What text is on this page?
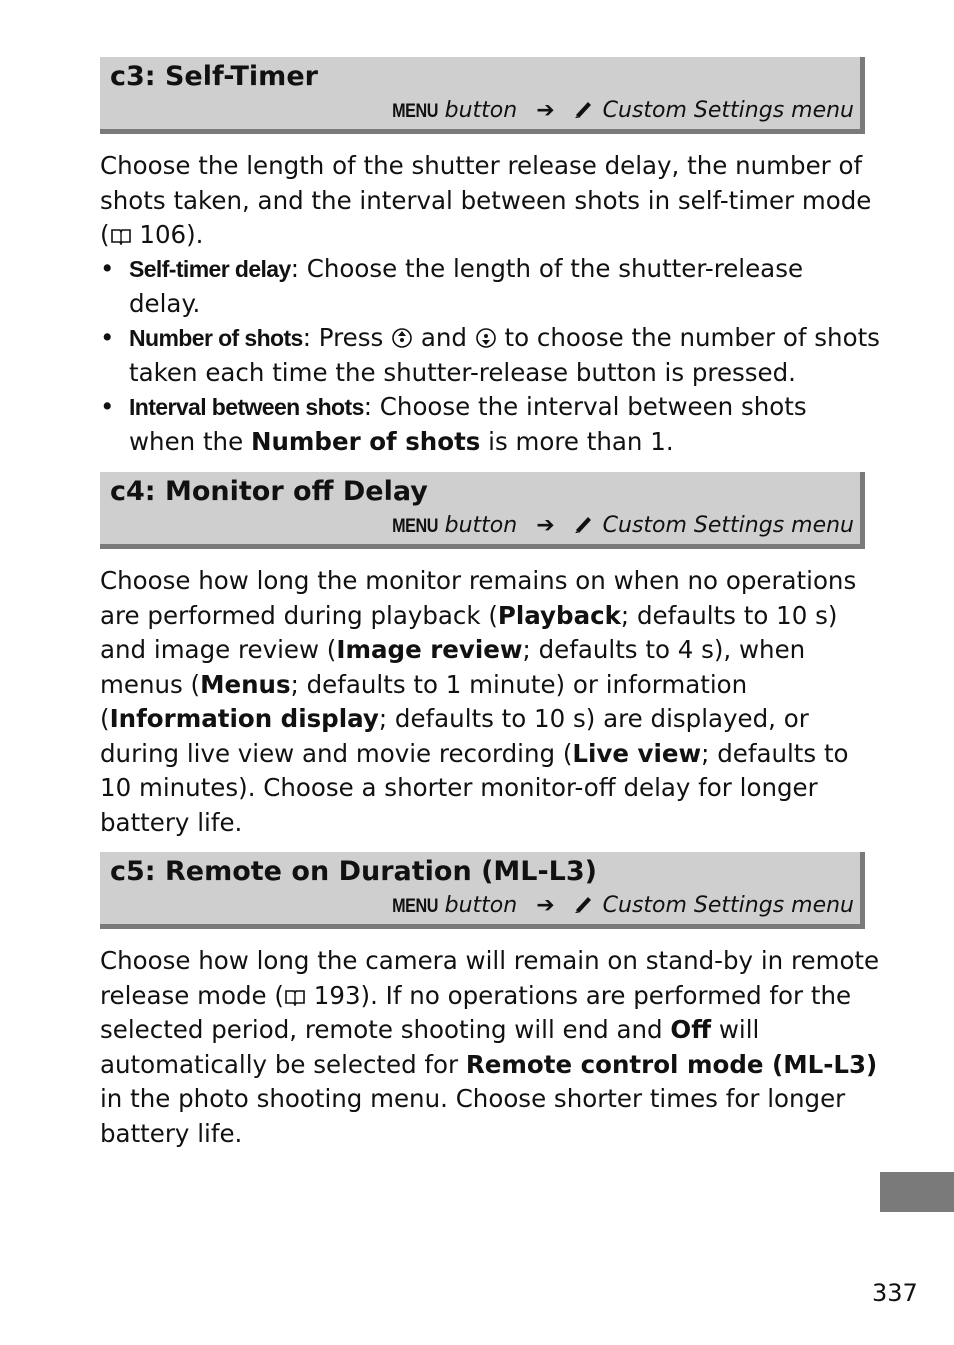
c3: Self-Timer
MENU button ➔ Custom Settings menu
Choose the length of the shutter release delay, the number of shots taken, and the interval between shots in self-timer mode ( 106).
• Self-timer delay: Choose the length of the shutter-release delay.
• Number of shots: Press  and  to choose the number of shots taken each time the shutter-release button is pressed.
• Interval between shots: Choose the interval between shots when the Number of shots is more than 1.
c4: Monitor off Delay
MENU button ➔ Custom Settings menu
Choose how long the monitor remains on when no operations are performed during playback (Playback; defaults to 10 s) and image review (Image review; defaults to 4 s), when menus (Menus; defaults to 1 minute) or information (Information display; defaults to 10 s) are displayed, or during live view and movie recording (Live view; defaults to 10 minutes). Choose a shorter monitor-off delay for longer battery life.
c5: Remote on Duration (ML-L3)
MENU button ➔ Custom Settings menu
Choose how long the camera will remain on stand-by in remote release mode ( 193). If no operations are performed for the selected period, remote shooting will end and Off will automatically be selected for Remote control mode (ML-L3) in the photo shooting menu. Choose shorter times for longer battery life.
337
